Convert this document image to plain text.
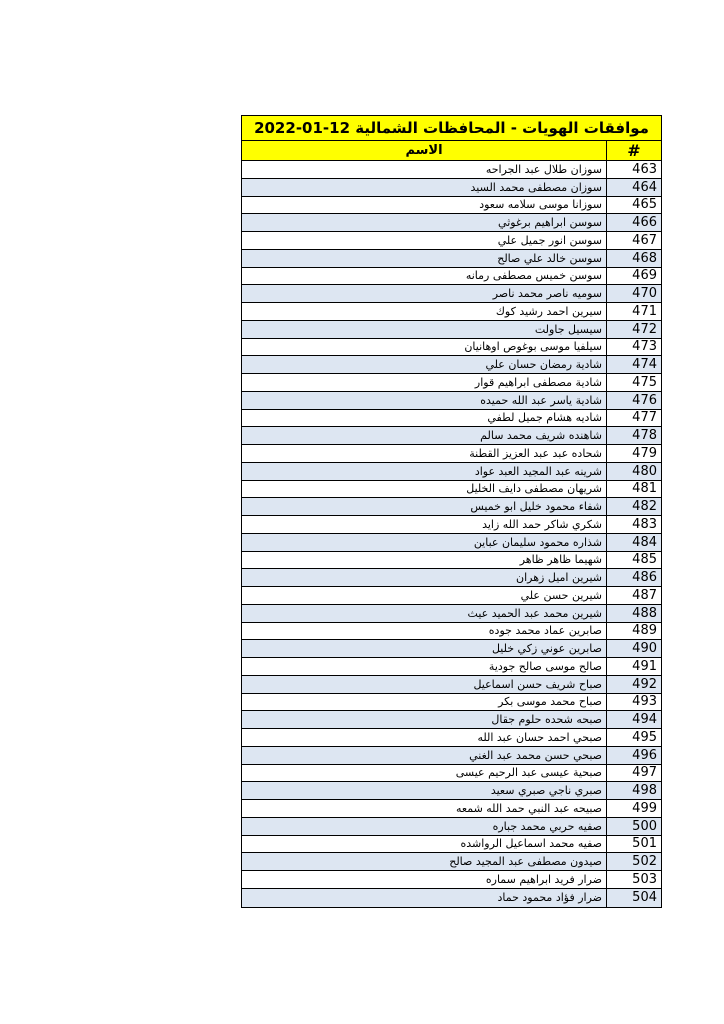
موافقات الهويات - المحافظات الشمالية 12-01-2022
#
الاسم
463
سوزان طلال عبد الجراحه
464
سوزان مصطفى محمد السيد
465
سوزانا موسى سلامه سعود
466
سوسن ابراهيم برغوثي
467
سوسن انور جميل علي
468
سوسن خالد علي صالح
469
سوسن خميس مصطفى رمانه
470
سوميه ناصر محمد ناصر
471
سيرين احمد رشيد كوك
472
سيسيل جاولت
473
سيلفيا موسى بوغوص اوهانيان
474
شادية رمضان حسان علي
475
شادية مصطفى ابراهيم قوار
476
شادية ياسر عبد الله حميده
477
شاديه هشام جميل لطفي
478
شاهنده شريف محمد سالم
479
شحاده عبد عبد العزيز القطنة
480
شرينه عبد المجيد العبد عواد
481
شريهان مصطفى دايف الخليل
482
شفاء محمود خليل ابو خميس
483
شكري شاكر حمد الله زايد
484
شذاره محمود سليمان عباين
485
شهيما ظاهر ظاهر
486
شيرين اميل زهران
487
شيرين حسن علي
488
شيرين محمد عبد الحميد عيث
489
صابرين عماد محمد جوده
490
صابرين عوني زكي خليل
491
صالح موسى صالح جودية
492
صباح شريف حسن اسماعيل
493
صباح محمد موسى بكر
494
صبحه شحده حلوم جقال
495
صبحي احمد حسان عبد الله
496
صبحي حسن محمد عبد الغني
497
صبحية عيسى عبد الرحيم عيسى
498
صبري ناجي صبري سعيد
499
صبيحه عبد النبي حمد الله شمعه
500
صفيه حربي محمد جباره
501
صفيه محمد اسماعيل الرواشده
502
صيدون مصطفى عبد المجيد صالح
503
ضرار فريد ابراهيم سماره
504
ضرار فؤاد محمود حماد
